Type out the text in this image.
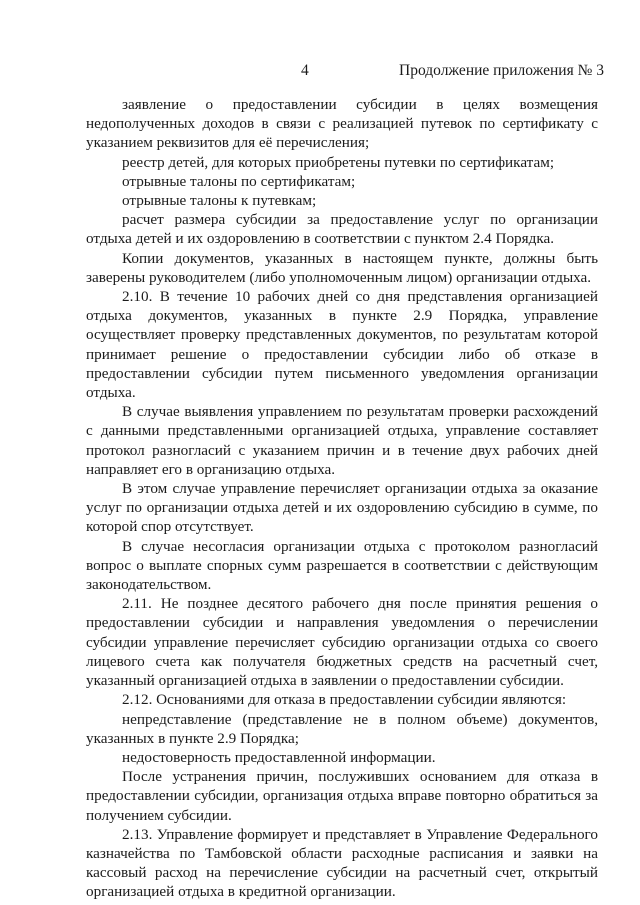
4	Продолжение приложения № 3

заявление о предоставлении субсидии в целях возмещения недополученных доходов в связи с реализацией путевок по сертификату с указанием реквизитов для её перечисления;

реестр детей, для которых приобретены путевки по сертификатам;

отрывные талоны по сертификатам;

отрывные талоны к путевкам;

расчет размера субсидии за предоставление услуг по организации отдыха детей и их оздоровлению в соответствии с пунктом 2.4 Порядка.

Копии документов, указанных в настоящем пункте, должны быть заверены руководителем (либо уполномоченным лицом) организации отдыха.

2.10. В течение 10 рабочих дней со дня представления организацией отдыха документов, указанных в пункте 2.9 Порядка, управление осуществляет проверку представленных документов, по результатам которой принимает решение о предоставлении субсидии либо об отказе в предоставлении субсидии путем письменного уведомления организации отдыха.

В случае выявления управлением по результатам проверки расхождений с данными представленными организацией отдыха, управление составляет протокол разногласий с указанием причин и в течение двух рабочих дней направляет его в организацию отдыха.

В этом случае управление перечисляет организации отдыха за оказание услуг по организации отдыха детей и их оздоровлению субсидию в сумме, по которой спор отсутствует.

В случае несогласия организации отдыха с протоколом разногласий вопрос о выплате спорных сумм разрешается в соответствии с действующим законодательством.

2.11. Не позднее десятого рабочего дня после принятия решения о предоставлении субсидии и направления уведомления о перечислении субсидии управление перечисляет субсидию организации отдыха со своего лицевого счета как получателя бюджетных средств на расчетный счет, указанный организацией отдыха в заявлении о предоставлении субсидии.

2.12. Основаниями для отказа в предоставлении субсидии являются:

непредставление (представление не в полном объеме) документов, указанных в пункте 2.9 Порядка;

недостоверность предоставленной информации.

После устранения причин, послуживших основанием для отказа в предоставлении субсидии, организация отдыха вправе повторно обратиться за получением субсидии.

2.13. Управление формирует и представляет в Управление Федерального казначейства по Тамбовской области расходные расписания и заявки на кассовый расход на перечисление субсидии на расчетный счет, открытый организацией отдыха в кредитной организации.
